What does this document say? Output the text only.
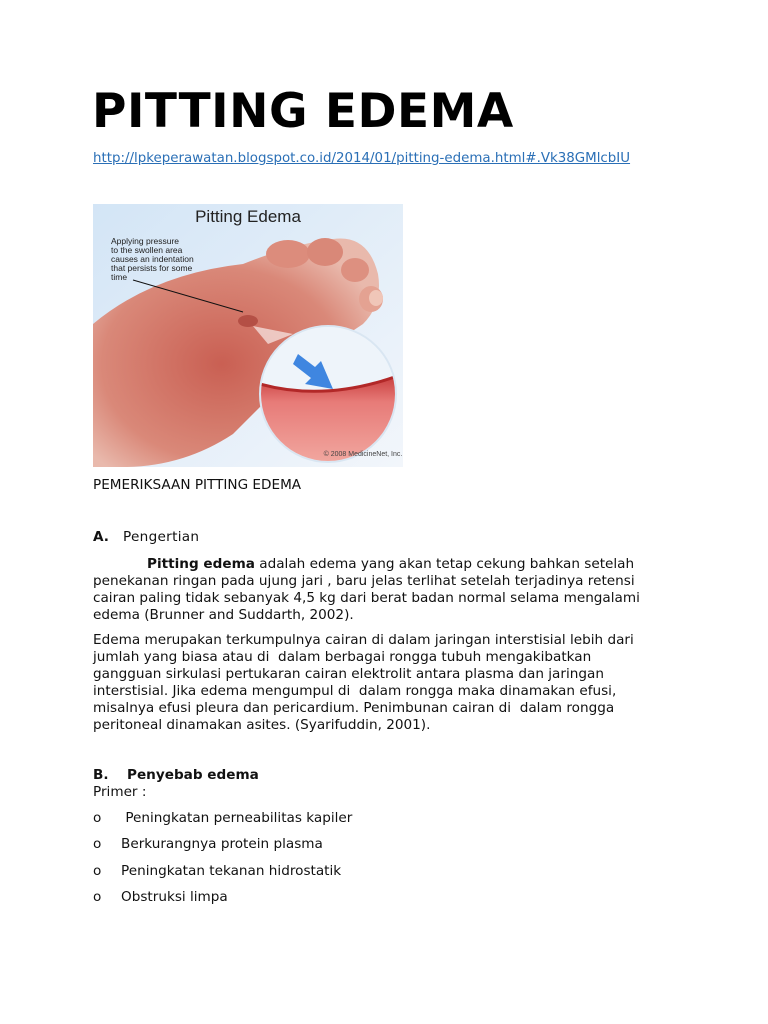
PITTING EDEMA
http://lpkeperawatan.blogspot.co.id/2014/01/pitting-edema.html#.Vk38GMlcbIU
Pitting Edema
Applying pressure
to the swollen area
causes an indentation
that persists for some
time
© 2008 MedicineNet, Inc.
PEMERIKSAAN PITTING EDEMA
A. Pengertian
Pitting edema adalah edema yang akan tetap cekung bahkan setelah
penekanan ringan pada ujung jari , baru jelas terlihat setelah terjadinya retensi
cairan paling tidak sebanyak 4,5 kg dari berat badan normal selama mengalami
edema (Brunner and Suddarth, 2002).
Edema merupakan terkumpulnya cairan di dalam jaringan interstisial lebih dari
jumlah yang biasa atau di  dalam berbagai rongga tubuh mengakibatkan
gangguan sirkulasi pertukaran cairan elektrolit antara plasma dan jaringan
interstisial. Jika edema mengumpul di  dalam rongga maka dinamakan efusi,
misalnya efusi pleura dan pericardium. Penimbunan cairan di  dalam rongga
peritoneal dinamakan asites. (Syarifuddin, 2001).
B. Penyebab edema
Primer :
o Peningkatan perneabilitas kapiler
o Berkurangnya protein plasma
o Peningkatan tekanan hidrostatik
o Obstruksi limpa
